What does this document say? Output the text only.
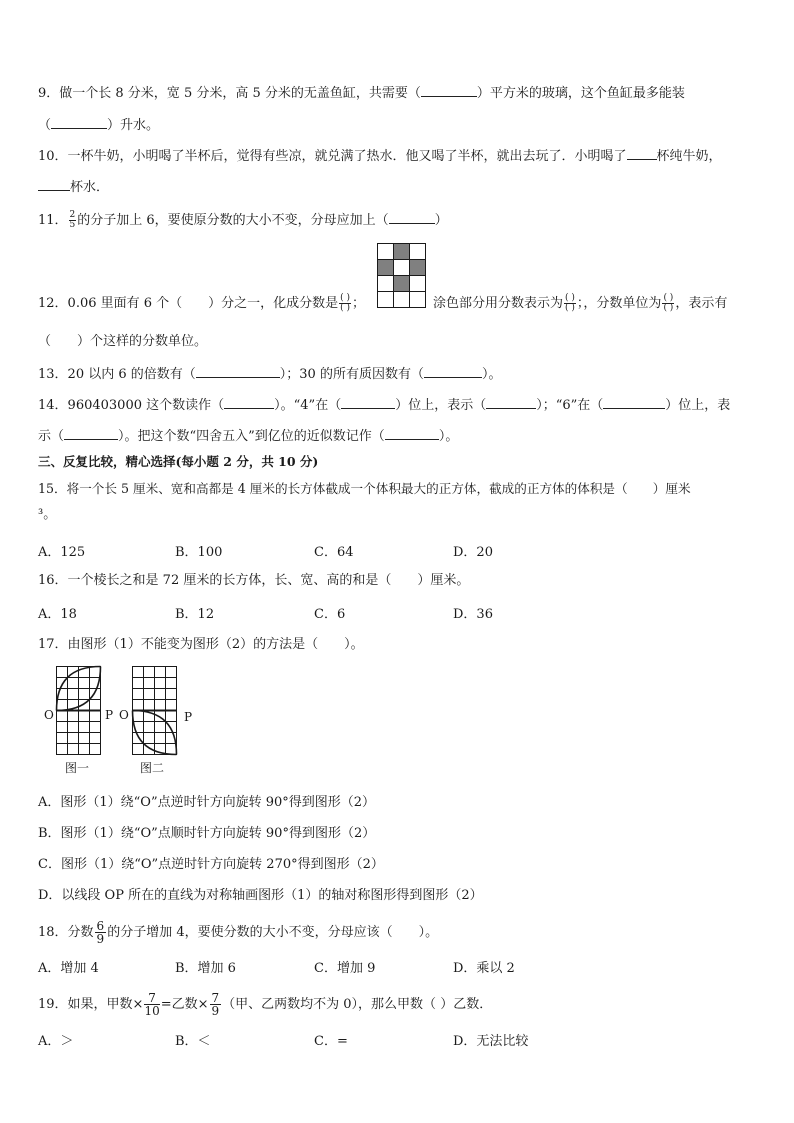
9．做一个长 8 分米，宽 5 分米，高 5 分米的无盖鱼缸，共需要（	）平方米的玻璃，这个鱼缸最多能装
（	）升水。
10．一杯牛奶，小明喝了半杯后，觉得有些凉，就兑满了热水．他又喝了半杯，就出去玩了．小明喝了 杯纯牛奶，
杯水．
11． $\frac{2}{5}$ 的分子加上 6，要使原分数的大小不变，分母应加上（	）
12．0.06 里面有 6 个（　　）分之一，化成分数是 $\frac{( )}{( )}$ ；	涂色部分用分数表示为 $\frac{( )}{( )}$ ；，分数单位为 $\frac{( )}{( )}$ ，表示有
（　　）个这样的分数单位。
13．20 以内 6 的倍数有（	）；30 的所有质因数有（	）。
14．960403000 这个数读作（	）。“4”在（	）位上，表示（	）；“6”在（	）位上，表
示（	）。把这个数“四舍五入”到亿位的近似数记作（	）。
三、反复比较，精心选择(每小题 2 分，共 10 分)
15．将一个长 5 厘米、宽和高都是 4 厘米的长方体截成一个体积最大的正方体，截成的正方体的体积是（　　）厘米
³。
A．125	B．100	C．64	D．20
16．一个棱长之和是 72 厘米的长方体，长、宽、高的和是（　　）厘米。
A．18	B．12	C．6	D．36
17．由图形（1）不能变为图形（2）的方法是（　　）。
O	P O	P
图一	图二
A．图形（1）绕“O”点逆时针方向旋转 90°得到图形（2）
B．图形（1）绕“O”点顺时针方向旋转 90°得到图形（2）
C．图形（1）绕“O”点逆时针方向旋转 270°得到图形（2）
D．以线段 OP 所在的直线为对称轴画图形（1）的轴对称图形得到图形（2）
18．分数 $\frac{6}{9}$ 的分子增加 4，要使分数的大小不变，分母应该（　　）。
A．增加 4	B．增加 6	C．增加 9	D．乘以 2
19．如果，甲数× $\frac{7}{10}$ =乙数× $\frac{7}{9}$ （甲、乙两数均不为 0），那么甲数（ ）乙数．
A．＞	B．＜	C．=	D．无法比较
